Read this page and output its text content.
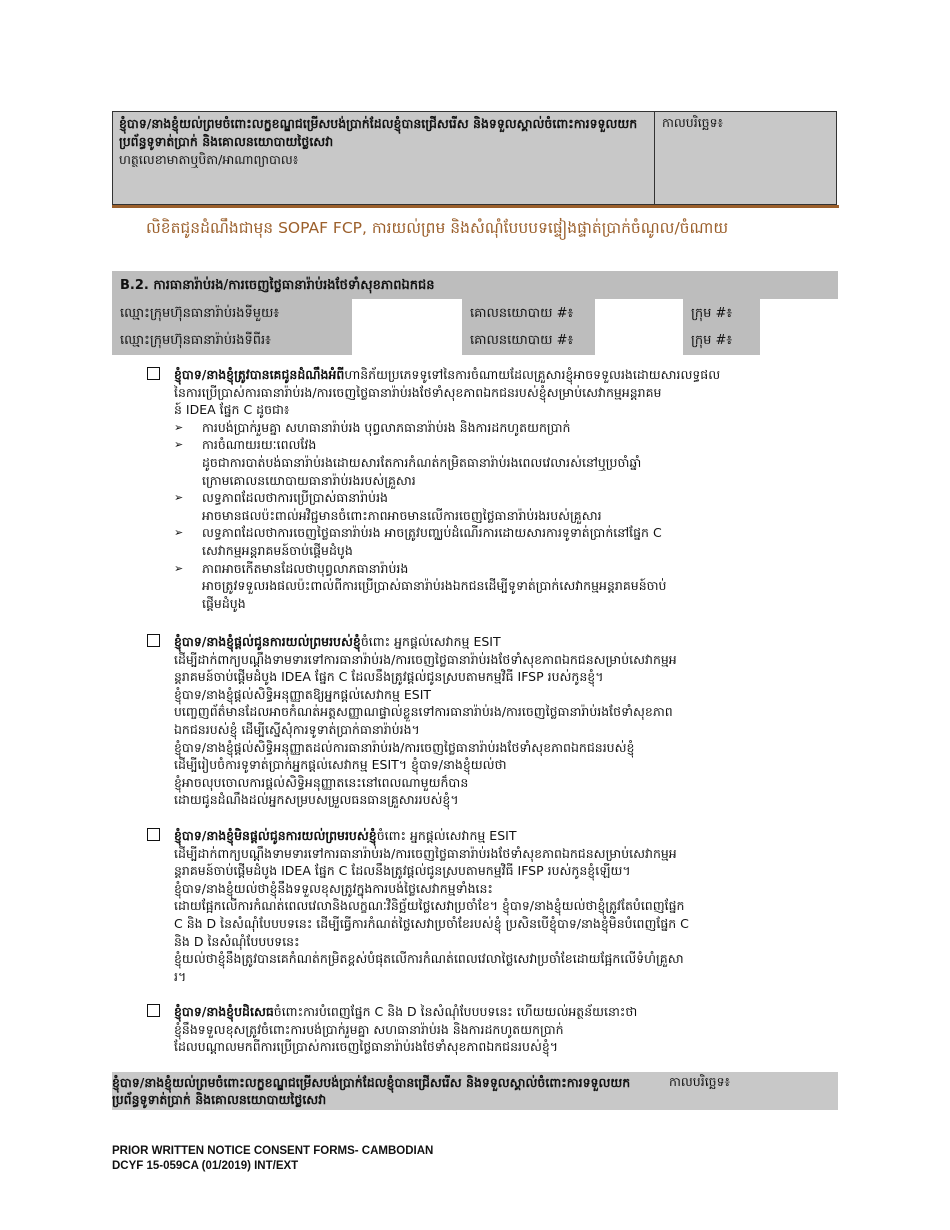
ខ្ញុំបាទ/នាងខ្ញុំយល់ព្រមចំពោះលក្ខខណ្ឌជម្រើសបង់ប្រាក់ដែលខ្ញុំបានជ្រើសរើស និងទទួលស្គាល់ចំពោះការទទួលយកប្រព័ន្ធទូទាត់ប្រាក់ និងគោលនយោបាយថ្លៃសេវា
ហត្ថលេខាមាតាឬបិតា/អាណាព្យាបាល៖
កាលបរិច្ឆេទ៖
លិខិតជូនដំណឹងជាមុន SOPAF FCP, ការយល់ព្រម និងសំណុំបែបបទផ្ទៀងផ្ទាត់ប្រាក់ចំណូល/ចំណាយ
B.2. ការធានារ៉ាប់រង/ការចេញថ្លៃធានារ៉ាប់រងថែទាំសុខភាពឯកជន
ឈ្មោះក្រុមហ៊ុនធានារ៉ាប់រងទីមួយ៖	គោលនយោបាយ #៖	ក្រុម #៖
ឈ្មោះក្រុមហ៊ុនធានារ៉ាប់រងទីពីរ៖	គោលនយោបាយ #៖	ក្រុម #៖

ខ្ញុំបាទ/នាងខ្ញុំត្រូវបានគេជូនដំណឹងអំពីហានិភ័យប្រភេទទូទៅនៃការចំណាយដែលគ្រួសារខ្ញុំអាចទទួលរងដោយសារលទ្ធផល

នៃការប្រើប្រាស់ការធានារ៉ាប់រង/ការចេញថ្លៃធានារ៉ាប់រងថែទាំសុខភាពឯកជនរបស់ខ្ញុំសម្រាប់សេវាកម្មអន្តរាគម

ន៍ IDEA ផ្នែក C ដូចជា៖

➢ ការបង់ប្រាក់រួមគ្នា សហធានារ៉ាប់រង បុព្វលាភធានារ៉ាប់រង និងការដកហូតយកប្រាក់
➢ ការចំណាយរយៈពេលវែង
ដូចជាការបាត់បង់ធានារ៉ាប់រងដោយសារតែការកំណត់កម្រិតធានារ៉ាប់រងពេលវេលារស់នៅឬប្រចាំឆ្នាំ
ក្រោមគោលនយោបាយធានារ៉ាប់រងរបស់គ្រួសារ
➢ លទ្ធភាពដែលថាការប្រើប្រាស់ធានារ៉ាប់រង
អាចមានផលប៉ះពាល់អវិជ្ជមានចំពោះភាពអាចមានលើការចេញថ្លៃធានារ៉ាប់រងរបស់គ្រួសារ
➢ លទ្ធភាពដែលថាការចេញថ្លៃធានារ៉ាប់រង អាចត្រូវបញ្ឈប់ដំណើរការដោយសារការទូទាត់ប្រាក់នៅផ្នែក C
សេវាកម្មអន្តរាគមន៍ចាប់ផ្តើមដំបូង
➢ ភាពអាចកើតមានដែលថាបុព្វលាភធានារ៉ាប់រង
អាចត្រូវទទួលរងផលប៉ះពាល់ពីការប្រើប្រាស់ធានារ៉ាប់រងឯកជនដើម្បីទូទាត់ប្រាក់សេវាកម្មអន្តរាគមន៍ចាប់
ផ្តើមដំបូង

ខ្ញុំបាទ/នាងខ្ញុំផ្តល់ជូនការយល់ព្រមរបស់ខ្ញុំចំពោះ អ្នកផ្តល់សេវាកម្ម ESIT

ដើម្បីដាក់ពាក្យបណ្តឹងទាមទារទៅការធានារ៉ាប់រង/ការចេញថ្លៃធានារ៉ាប់រងថែទាំសុខភាពឯកជនសម្រាប់សេវាកម្មអ

ន្តរាគមន៍ចាប់ផ្តើមដំបូង IDEA ផ្នែក C ដែលនឹងត្រូវផ្តល់ជូនស្របតាមកម្មវិធី IFSP របស់កូនខ្ញុំ។

ខ្ញុំបាទ/នាងខ្ញុំផ្តល់សិទ្ធិអនុញ្ញាតឱ្យអ្នកផ្តល់សេវាកម្ម ESIT

បញ្ចេញព័ត៌មានដែលអាចកំណត់អត្តសញ្ញាណផ្ទាល់ខ្លួនទៅការធានារ៉ាប់រង/ការចេញថ្លៃធានារ៉ាប់រងថែទាំសុខភាព

ឯកជនរបស់ខ្ញុំ ដើម្បីស្នើសុំការទូទាត់ប្រាក់ធានារ៉ាប់រង។

ខ្ញុំបាទ/នាងខ្ញុំផ្តល់សិទ្ធិអនុញ្ញាតដល់ការធានារ៉ាប់រង/ការចេញថ្លៃធានារ៉ាប់រងថែទាំសុខភាពឯកជនរបស់ខ្ញុំ

ដើម្បីរៀបចំការទូទាត់ប្រាក់អ្នកផ្តល់សេវាកម្ម ESIT។ ខ្ញុំបាទ/នាងខ្ញុំយល់ថា

ខ្ញុំអាចលុបចោលការផ្តល់សិទ្ធិអនុញ្ញាតនេះនៅពេលណាមួយក៏បាន

ដោយជូនដំណឹងដល់អ្នកសម្របសម្រួលធនធានគ្រួសាររបស់ខ្ញុំ។

ខ្ញុំបាទ/នាងខ្ញុំមិនផ្តល់ជូនការយល់ព្រមរបស់ខ្ញុំចំពោះ អ្នកផ្តល់សេវាកម្ម ESIT

ដើម្បីដាក់ពាក្យបណ្តឹងទាមទារទៅការធានារ៉ាប់រង/ការចេញថ្លៃធានារ៉ាប់រងថែទាំសុខភាពឯកជនសម្រាប់សេវាកម្មអ

ន្តរាគមន៍ចាប់ផ្តើមដំបូង IDEA ផ្នែក C ដែលនឹងត្រូវផ្តល់ជូនស្របតាមកម្មវិធី IFSP របស់កូនខ្ញុំឡើយ។

ខ្ញុំបាទ/នាងខ្ញុំយល់ថាខ្ញុំនឹងទទួលខុសត្រូវក្នុងការបង់ថ្លៃសេវាកម្មទាំងនេះ

ដោយផ្អែកលើការកំណត់ពេលវេលានិងលក្ខណៈវិនិច្ឆ័យថ្លៃសេវាប្រចាំខែ។ ខ្ញុំបាទ/នាងខ្ញុំយល់ថាខ្ញុំត្រូវតែបំពេញផ្នែក

C និង D នៃសំណុំបែបបទនេះ ដើម្បីធ្វើការកំណត់ថ្លៃសេវាប្រចាំខែរបស់ខ្ញុំ ប្រសិនបើខ្ញុំបាទ/នាងខ្ញុំមិនបំពេញផ្នែក C

និង D នៃសំណុំបែបបទនេះ

ខ្ញុំយល់ថាខ្ញុំនឹងត្រូវបានគេកំណត់កម្រិតខ្ពស់បំផុតលើការកំណត់ពេលវេលាថ្លៃសេវាប្រចាំខែដោយផ្អែកលើទំហំគ្រួសា

រ។

ខ្ញុំបាទ/នាងខ្ញុំបដិសេធចំពោះការបំពេញផ្នែក C និង D នៃសំណុំបែបបទនេះ ហើយយល់អត្ថន័យនោះថា

ខ្ញុំនឹងទទួលខុសត្រូវចំពោះការបង់ប្រាក់រួមគ្នា សហធានារ៉ាប់រង និងការដកហូតយកប្រាក់

ដែលបណ្តាលមកពីការប្រើប្រាស់ការចេញថ្លៃធានារ៉ាប់រងថែទាំសុខភាពឯកជនរបស់ខ្ញុំ។

ខ្ញុំបាទ/នាងខ្ញុំយល់ព្រមចំពោះលក្ខខណ្ឌជម្រើសបង់ប្រាក់ដែលខ្ញុំបានជ្រើសរើស និងទទួលស្គាល់ចំពោះការទទួលយកប្រព័ន្ធទូទាត់ប្រាក់ និងគោលនយោបាយថ្លៃសេវា
កាលបរិច្ឆេទ៖
PRIOR WRITTEN NOTICE CONSENT FORMS- CAMBODIAN
DCYF 15-059CA (01/2019) INT/EXT
